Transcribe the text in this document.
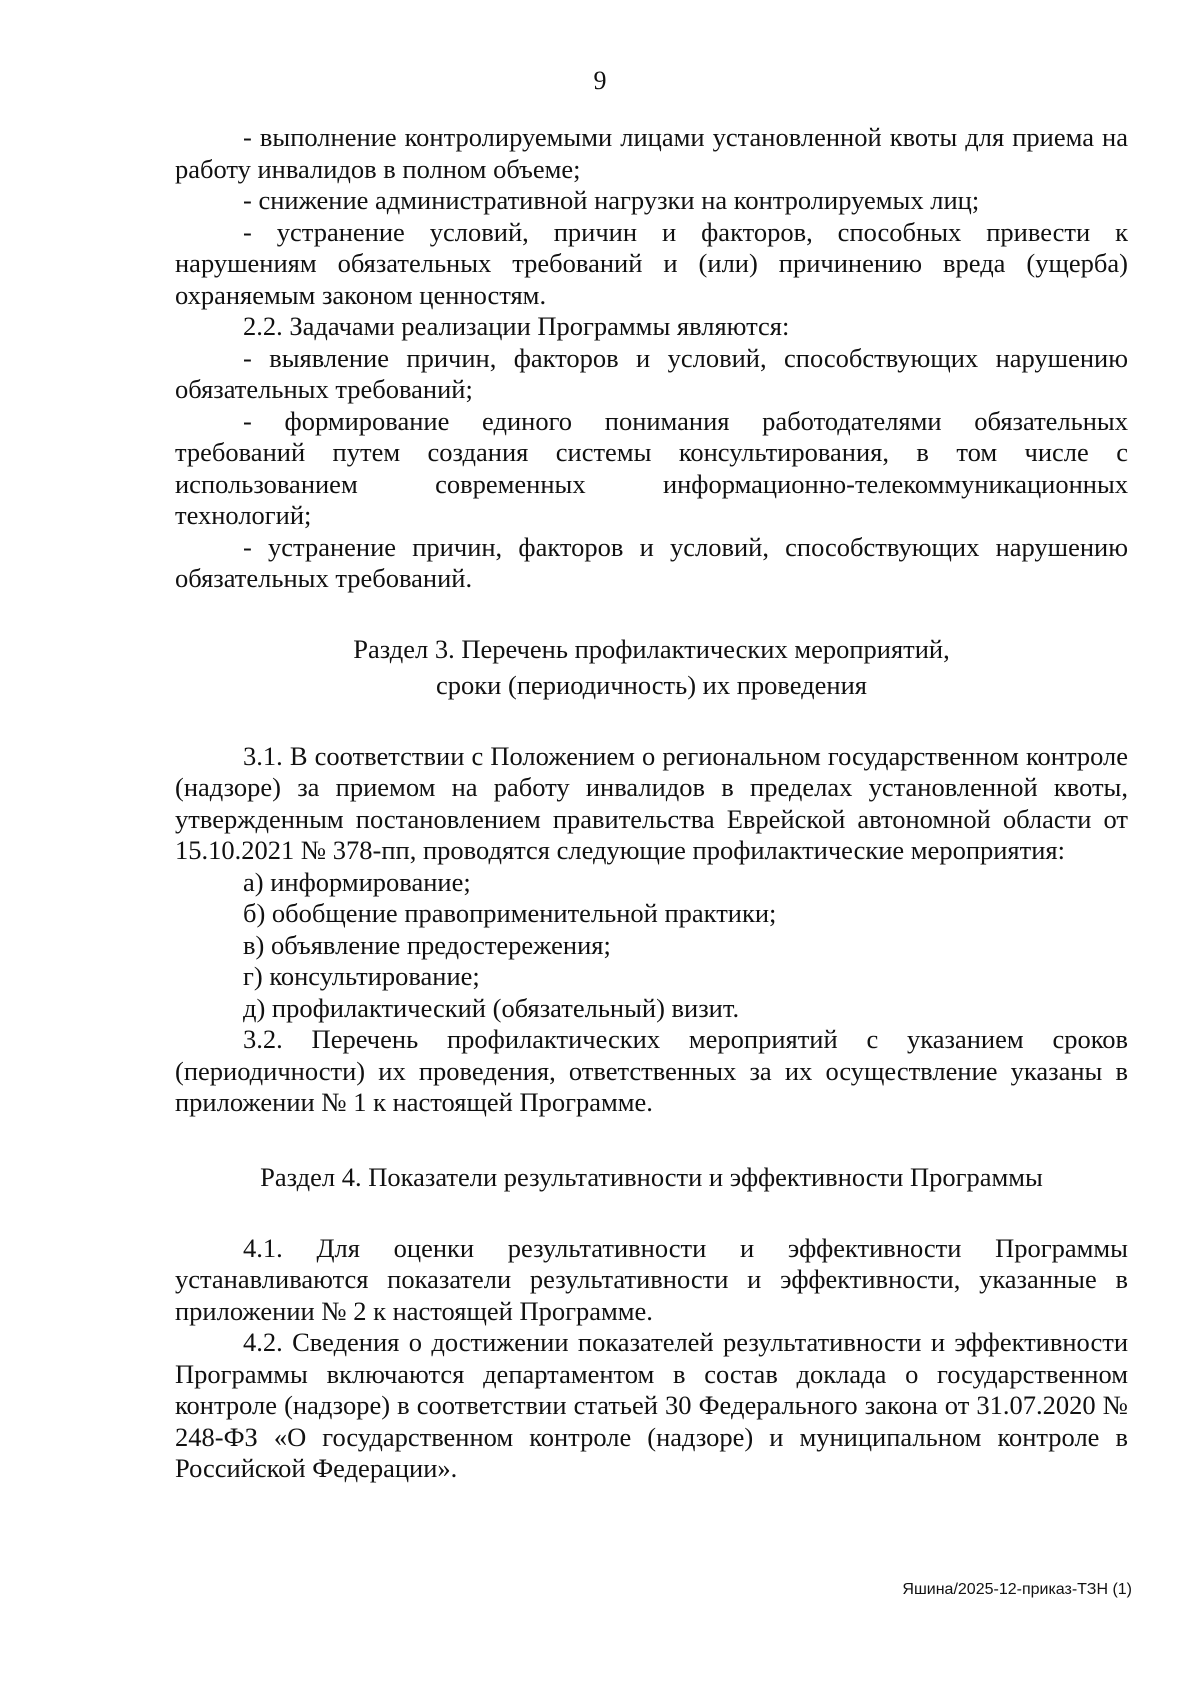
9

- выполнение контролируемыми лицами установленной квоты для приема на работу инвалидов в полном объеме;

- снижение административной нагрузки на контролируемых лиц;

- устранение условий, причин и факторов, способных привести к нарушениям обязательных требований и (или) причинению вреда (ущерба) охраняемым законом ценностям.

2.2. Задачами реализации Программы являются:

- выявление причин, факторов и условий, способствующих нарушению обязательных требований;

- формирование единого понимания работодателями обязательных требований путем создания системы консультирования, в том числе с использованием современных информационно-телекоммуникационных технологий;

- устранение причин, факторов и условий, способствующих нарушению обязательных требований.

Раздел 3. Перечень профилактических мероприятий,
сроки (периодичность) их проведения

3.1. В соответствии с Положением о региональном государственном контроле (надзоре) за приемом на работу инвалидов в пределах установленной квоты, утвержденным постановлением правительства Еврейской автономной области от 15.10.2021 № 378-пп, проводятся следующие профилактические мероприятия:

а) информирование;

б) обобщение правоприменительной практики;

в) объявление предостережения;

г) консультирование;

д) профилактический (обязательный) визит.

3.2. Перечень профилактических мероприятий с указанием сроков (периодичности) их проведения, ответственных за их осуществление указаны в приложении № 1 к настоящей Программе.

Раздел 4. Показатели результативности и эффективности Программы

4.1. Для оценки результативности и эффективности Программы устанавливаются показатели результативности и эффективности, указанные в приложении № 2 к настоящей Программе.

4.2. Сведения о достижении показателей результативности и эффективности Программы включаются департаментом в состав доклада о государственном контроле (надзоре) в соответствии статьей 30 Федерального закона от 31.07.2020 № 248-ФЗ «О государственном контроле (надзоре) и муниципальном контроле в Российской Федерации».

Яшина/2025-12-приказ-ТЗН (1)
